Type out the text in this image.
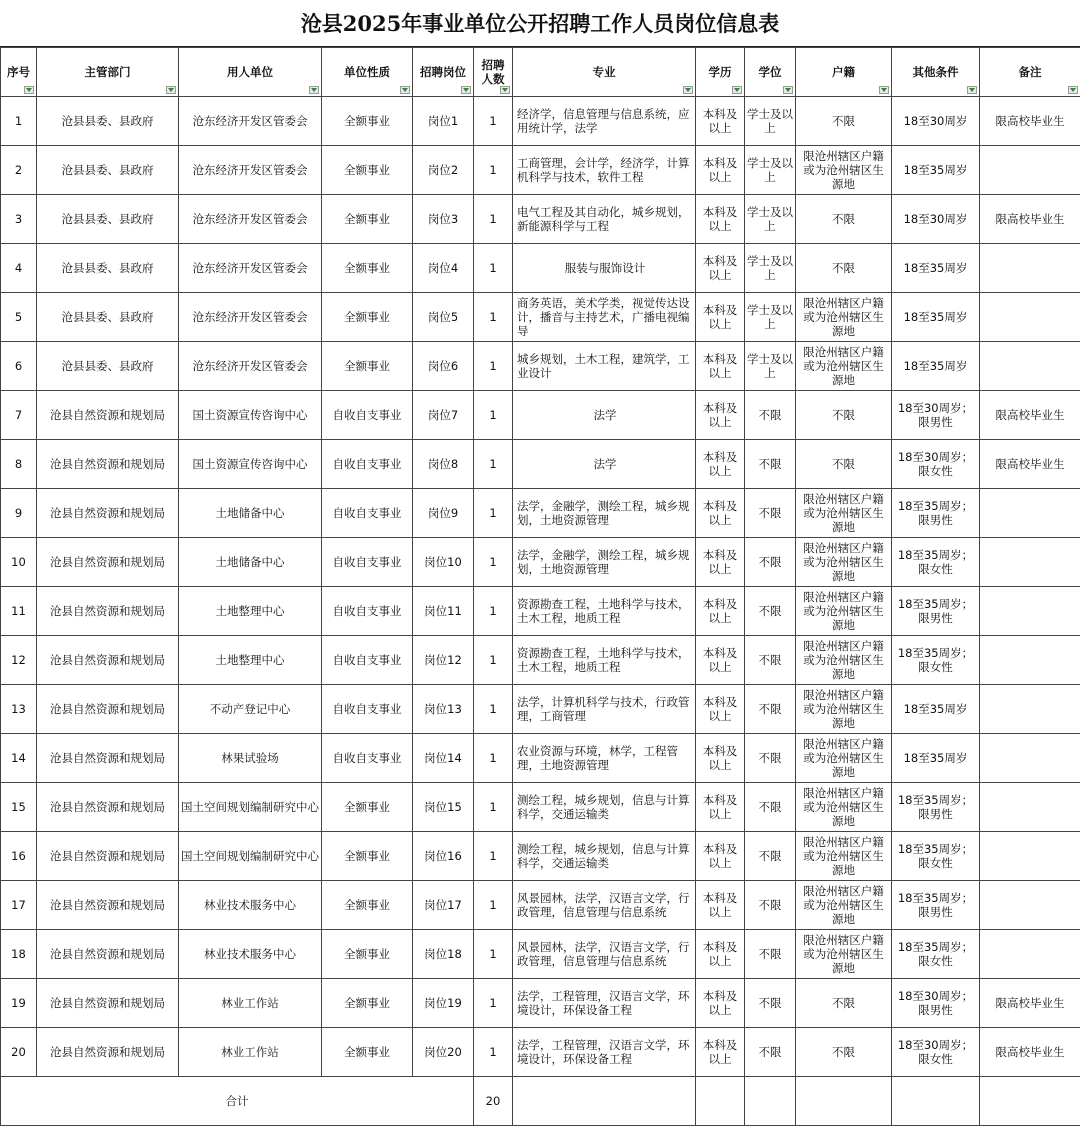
沧县2025年事业单位公开招聘工作人员岗位信息表
序号	主管部门	用人单位	单位性质	招聘岗位	招聘人数	专业	学历	学位	户籍	其他条件	备注

1	沧县县委、县政府	沧东经济开发区管委会	全额事业	岗位1	1	经济学，信息管理与信息系统，应用统计学，法学	本科及以上	学士及以上	不限	18至30周岁	限高校毕业生
2	沧县县委、县政府	沧东经济开发区管委会	全额事业	岗位2	1	工商管理，会计学，经济学，计算机科学与技术，软件工程	本科及以上	学士及以上	限沧州辖区户籍或为沧州辖区生源地	18至35周岁	
3	沧县县委、县政府	沧东经济开发区管委会	全额事业	岗位3	1	电气工程及其自动化，城乡规划，新能源科学与工程	本科及以上	学士及以上	不限	18至30周岁	限高校毕业生
4	沧县县委、县政府	沧东经济开发区管委会	全额事业	岗位4	1	服装与服饰设计	本科及以上	学士及以上	不限	18至35周岁	
5	沧县县委、县政府	沧东经济开发区管委会	全额事业	岗位5	1	商务英语，美术学类，视觉传达设计，播音与主持艺术，广播电视编导	本科及以上	学士及以上	限沧州辖区户籍或为沧州辖区生源地	18至35周岁	
6	沧县县委、县政府	沧东经济开发区管委会	全额事业	岗位6	1	城乡规划，土木工程，建筑学，工业设计	本科及以上	学士及以上	限沧州辖区户籍或为沧州辖区生源地	18至35周岁	
7	沧县自然资源和规划局	国土资源宣传咨询中心	自收自支事业	岗位7	1	法学	本科及以上	不限	不限	18至30周岁；限男性	限高校毕业生
8	沧县自然资源和规划局	国土资源宣传咨询中心	自收自支事业	岗位8	1	法学	本科及以上	不限	不限	18至30周岁；限女性	限高校毕业生
9	沧县自然资源和规划局	土地储备中心	自收自支事业	岗位9	1	法学，金融学，测绘工程，城乡规划，土地资源管理	本科及以上	不限	限沧州辖区户籍或为沧州辖区生源地	18至35周岁；限男性	
10	沧县自然资源和规划局	土地储备中心	自收自支事业	岗位10	1	法学，金融学，测绘工程，城乡规划，土地资源管理	本科及以上	不限	限沧州辖区户籍或为沧州辖区生源地	18至35周岁；限女性	
11	沧县自然资源和规划局	土地整理中心	自收自支事业	岗位11	1	资源勘查工程，土地科学与技术，土木工程，地质工程	本科及以上	不限	限沧州辖区户籍或为沧州辖区生源地	18至35周岁；限男性	
12	沧县自然资源和规划局	土地整理中心	自收自支事业	岗位12	1	资源勘查工程，土地科学与技术，土木工程，地质工程	本科及以上	不限	限沧州辖区户籍或为沧州辖区生源地	18至35周岁；限女性	
13	沧县自然资源和规划局	不动产登记中心	自收自支事业	岗位13	1	法学，计算机科学与技术，行政管理，工商管理	本科及以上	不限	限沧州辖区户籍或为沧州辖区生源地	18至35周岁	
14	沧县自然资源和规划局	林果试验场	自收自支事业	岗位14	1	农业资源与环境，林学，工程管理，土地资源管理	本科及以上	不限	限沧州辖区户籍或为沧州辖区生源地	18至35周岁	
15	沧县自然资源和规划局	国土空间规划编制研究中心	全额事业	岗位15	1	测绘工程，城乡规划，信息与计算科学，交通运输类	本科及以上	不限	限沧州辖区户籍或为沧州辖区生源地	18至35周岁；限男性	
16	沧县自然资源和规划局	国土空间规划编制研究中心	全额事业	岗位16	1	测绘工程，城乡规划，信息与计算科学，交通运输类	本科及以上	不限	限沧州辖区户籍或为沧州辖区生源地	18至35周岁；限女性	
17	沧县自然资源和规划局	林业技术服务中心	全额事业	岗位17	1	风景园林，法学，汉语言文学，行政管理，信息管理与信息系统	本科及以上	不限	限沧州辖区户籍或为沧州辖区生源地	18至35周岁；限男性	
18	沧县自然资源和规划局	林业技术服务中心	全额事业	岗位18	1	风景园林，法学，汉语言文学，行政管理，信息管理与信息系统	本科及以上	不限	限沧州辖区户籍或为沧州辖区生源地	18至35周岁；限女性	
19	沧县自然资源和规划局	林业工作站	全额事业	岗位19	1	法学，工程管理，汉语言文学，环境设计，环保设备工程	本科及以上	不限	不限	18至30周岁；限男性	限高校毕业生
20	沧县自然资源和规划局	林业工作站	全额事业	岗位20	1	法学，工程管理，汉语言文学，环境设计，环保设备工程	本科及以上	不限	不限	18至30周岁；限女性	限高校毕业生
合计					20						
